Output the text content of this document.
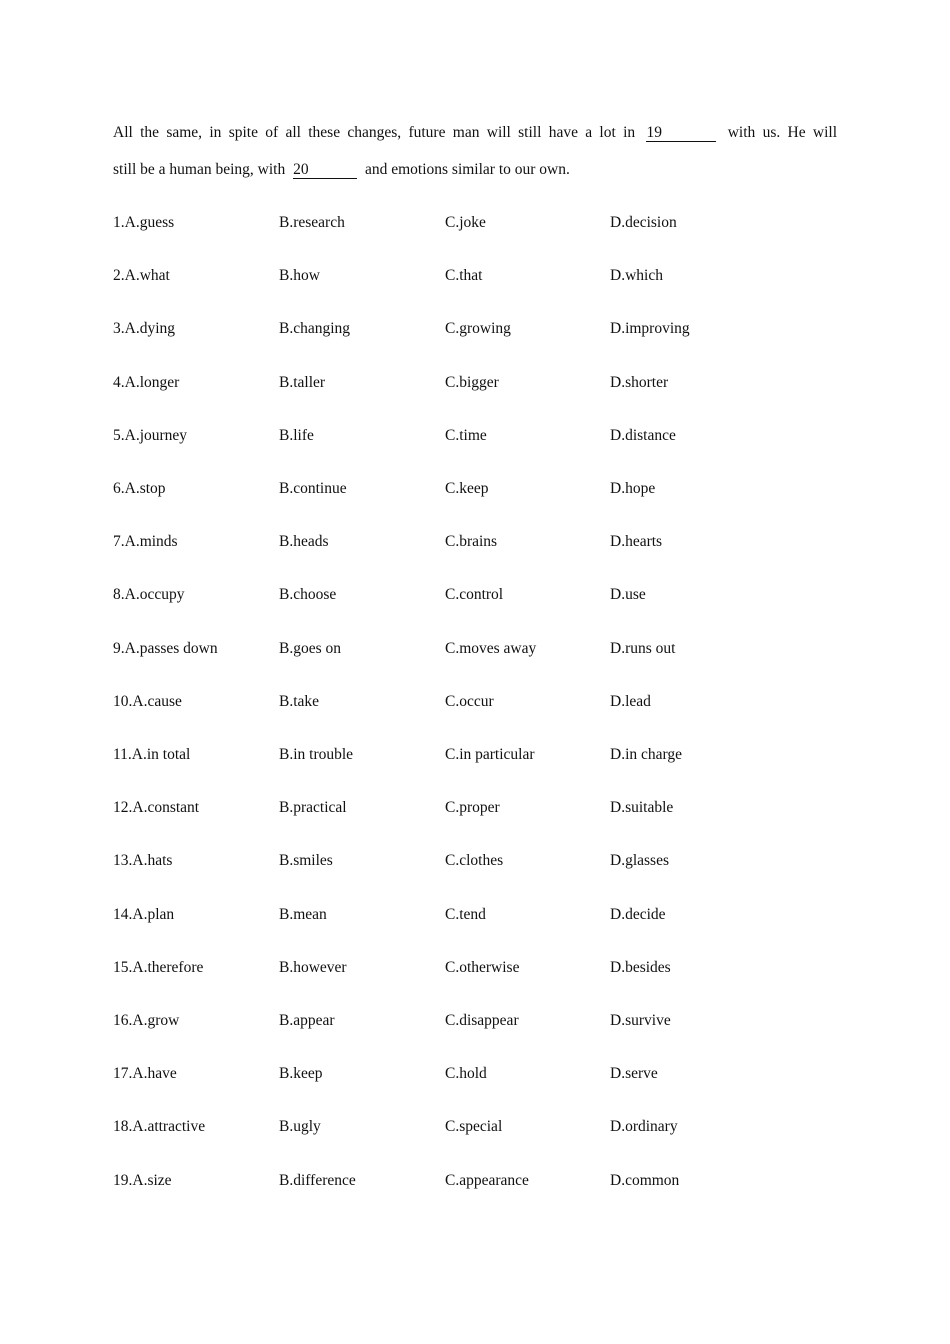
All the same, in spite of all these changes, future man will still have a lot in 19	with us. He will
still be a human being, with 20	and emotions similar to our own.
1.A.guess	B.research	C.joke	D.decision
2.A.what	B.how	C.that	D.which
3.A.dying	B.changing	C.growing	D.improving
4.A.longer	B.taller	C.bigger	D.shorter
5.A.journey	B.life	C.time	D.distance
6.A.stop	B.continue	C.keep	D.hope
7.A.minds	B.heads	C.brains	D.hearts
8.A.occupy	B.choose	C.control	D.use
9.A.passes down	B.goes on	C.moves away	D.runs out
10.A.cause	B.take	C.occur	D.lead
11.A.in total	B.in trouble	C.in particular	D.in charge
12.A.constant	B.practical	C.proper	D.suitable
13.A.hats	B.smiles	C.clothes	D.glasses
14.A.plan	B.mean	C.tend	D.decide
15.A.therefore	B.however	C.otherwise	D.besides
16.A.grow	B.appear	C.disappear	D.survive
17.A.have	B.keep	C.hold	D.serve
18.A.attractive	B.ugly	C.special	D.ordinary
19.A.size	B.difference	C.appearance	D.common
